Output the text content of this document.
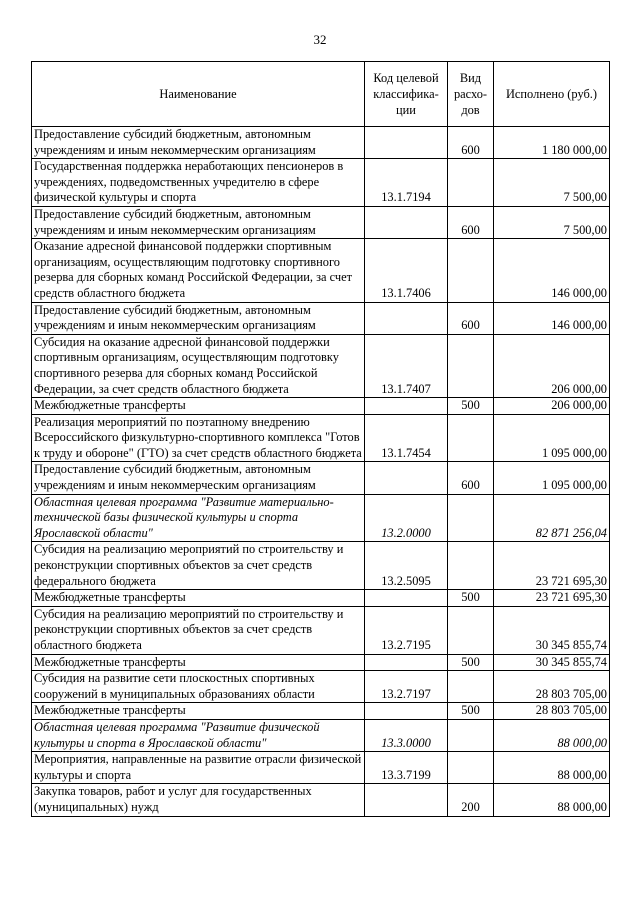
32
Наименование	Код целевой классифика-ции	Вид расхо-дов	Исполнено (руб.)
Предоставление субсидий бюджетным, автономным учреждениям и иным некоммерческим организациям		600	1 180 000,00
Государственная поддержка неработающих пенсионеров в учреждениях, подведомственных учредителю в сфере физической культуры и спорта	13.1.7194		7 500,00
Предоставление субсидий бюджетным, автономным учреждениям и иным некоммерческим организациям		600	7 500,00
Оказание адресной финансовой поддержки спортивным организациям, осуществляющим подготовку спортивного резерва для сборных команд Российской Федерации, за счет средств областного бюджета	13.1.7406		146 000,00
Предоставление субсидий бюджетным, автономным учреждениям и иным некоммерческим организациям		600	146 000,00
Субсидия на оказание адресной финансовой поддержки спортивным организациям, осуществляющим подготовку спортивного резерва для сборных команд Российской Федерации, за счет средств областного бюджета	13.1.7407		206 000,00
Межбюджетные трансферты		500	206 000,00
Реализация мероприятий по поэтапному внедрению Всероссийского физкультурно-спортивного комплекса "Готов к труду и обороне" (ГТО) за счет средств областного бюджета	13.1.7454		1 095 000,00
Предоставление субсидий бюджетным, автономным учреждениям и иным некоммерческим организациям		600	1 095 000,00
Областная целевая программа "Развитие материально-технической базы физической культуры и спорта Ярославской области"	13.2.0000		82 871 256,04
Субсидия на реализацию мероприятий по строительству и реконструкции спортивных объектов за счет средств федерального бюджета	13.2.5095		23 721 695,30
Межбюджетные трансферты		500	23 721 695,30
Субсидия на реализацию мероприятий по строительству и реконструкции спортивных объектов за счет средств областного бюджета	13.2.7195		30 345 855,74
Межбюджетные трансферты		500	30 345 855,74
Субсидия на развитие сети плоскостных спортивных сооружений в муниципальных образованиях области	13.2.7197		28 803 705,00
Межбюджетные трансферты		500	28 803 705,00
Областная целевая программа "Развитие физической культуры и спорта в Ярославской области"	13.3.0000		88 000,00
Мероприятия, направленные на развитие отрасли физической культуры и спорта	13.3.7199		88 000,00
Закупка товаров, работ и услуг для государственных (муниципальных) нужд		200	88 000,00
